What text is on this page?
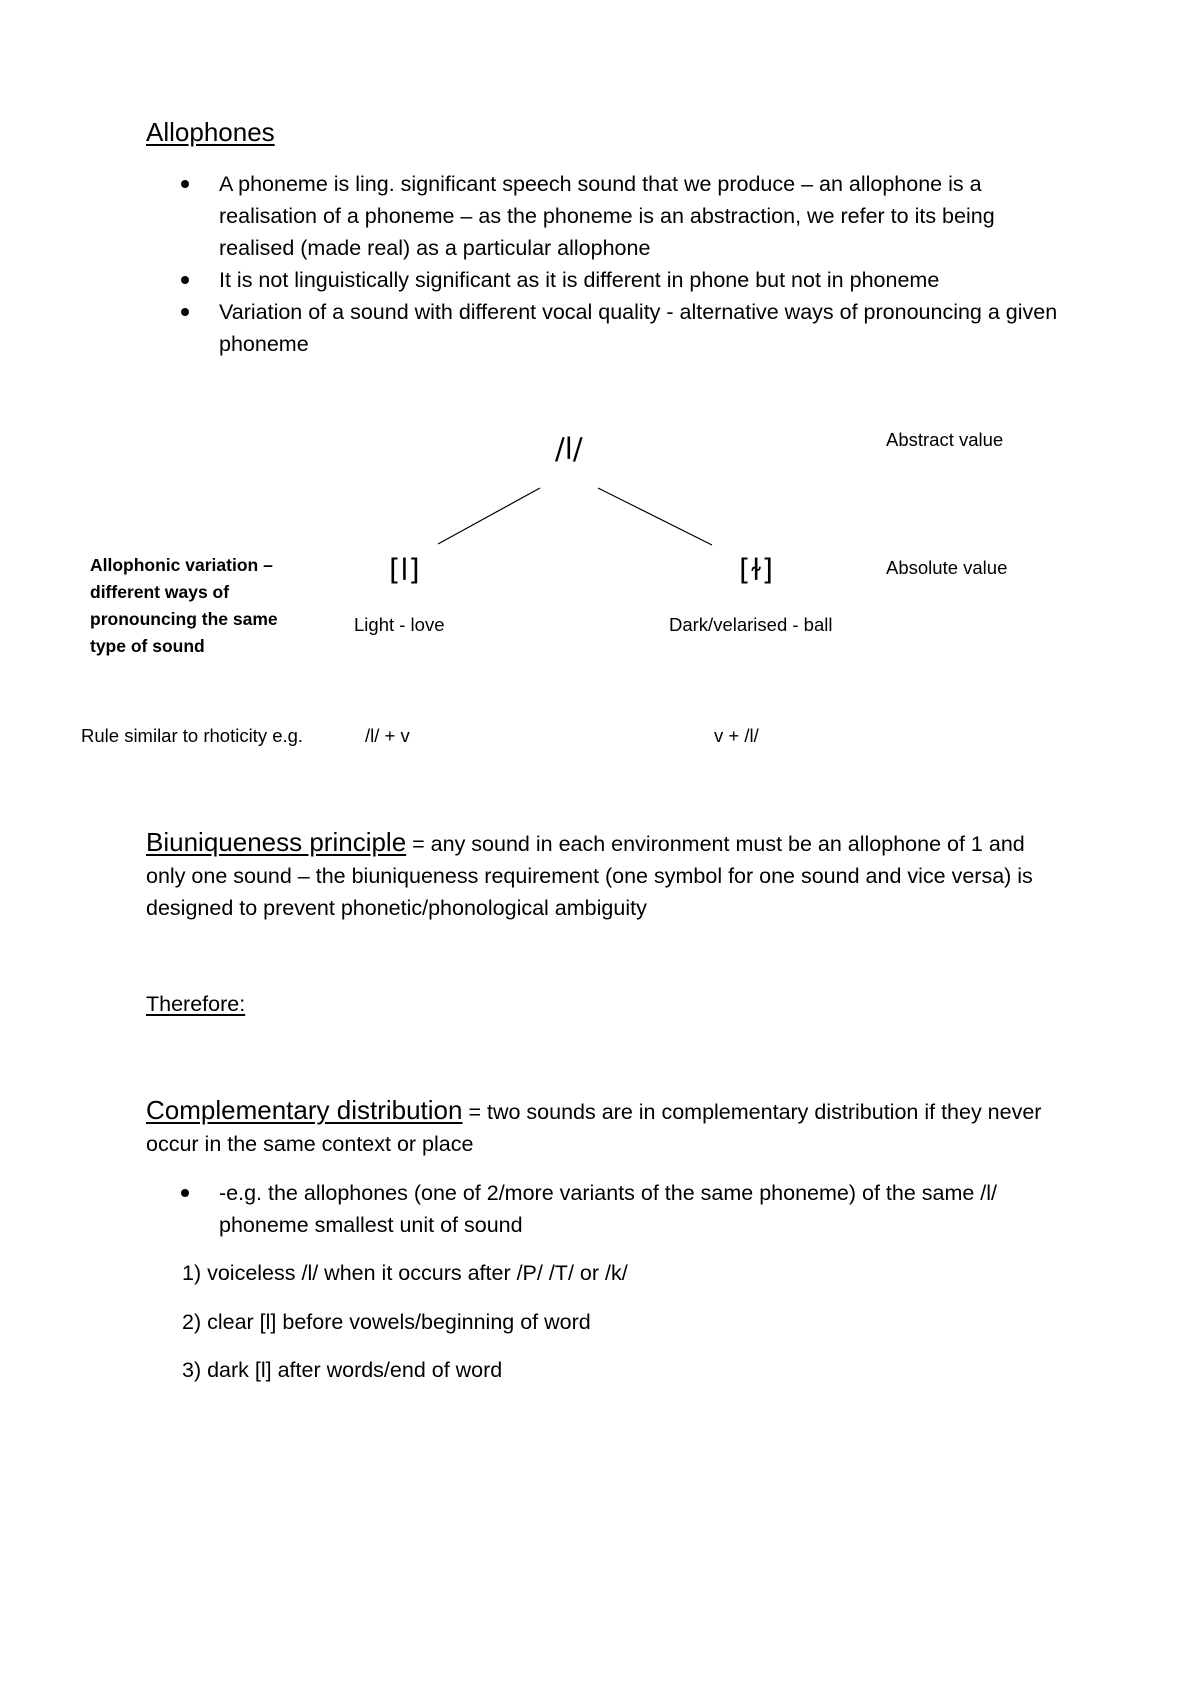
Allophones
A phoneme is ling. significant speech sound that we produce – an allophone is a realisation of a phoneme – as the phoneme is an abstraction, we refer to its being realised (made real) as a particular allophone
It is not linguistically significant as it is different in phone but not in phoneme
Variation of a sound with different vocal quality - alternative ways of pronouncing a given phoneme
/l/	Abstract value
Allophonic variation – different ways of pronouncing the same type of sound
[l]	[ɫ]	Absolute value
Light - love	Dark/velarised - ball
Rule similar to rhoticity e.g.	/l/ + v	v + /l/
Biuniqueness principle = any sound in each environment must be an allophone of 1 and only one sound – the biuniqueness requirement (one symbol for one sound and vice versa) is designed to prevent phonetic/phonological ambiguity
Therefore:
Complementary distribution = two sounds are in complementary distribution if they never occur in the same context or place
-e.g. the allophones (one of 2/more variants of the same phoneme) of the same /l/ phoneme smallest unit of sound
1) voiceless /l/ when it occurs after /P/ /T/ or /k/
2) clear [l] before vowels/beginning of word
3) dark [l] after words/end of word
